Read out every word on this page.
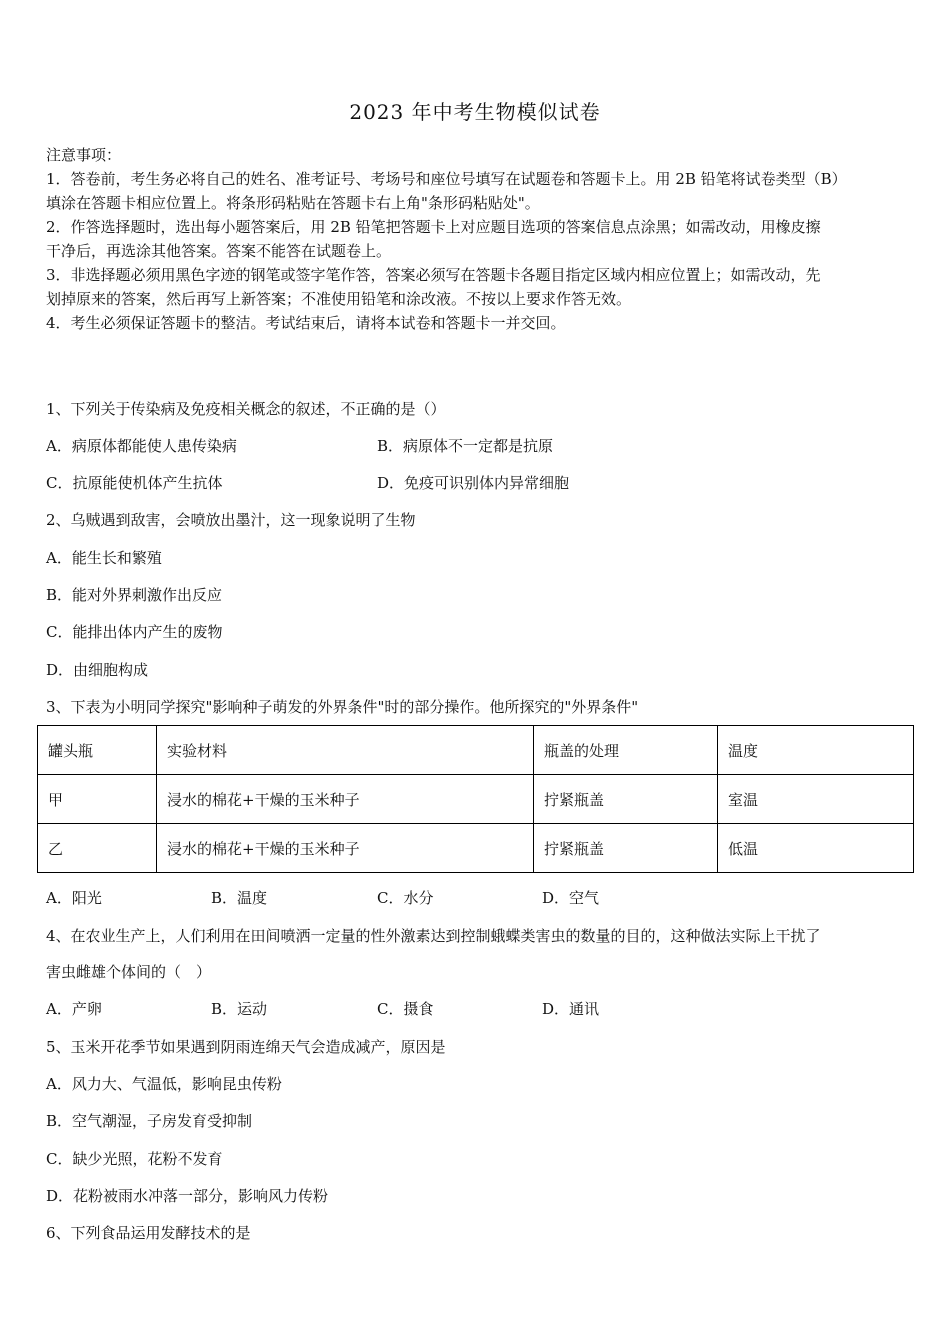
2023 年中考生物模似试卷
注意事项：
1．答卷前，考生务必将自己的姓名、准考证号、考场号和座位号填写在试题卷和答题卡上。用 2B 铅笔将试卷类型（B）
填涂在答题卡相应位置上。将条形码粘贴在答题卡右上角"条形码粘贴处"。
2．作答选择题时，选出每小题答案后，用 2B 铅笔把答题卡上对应题目选项的答案信息点涂黑；如需改动，用橡皮擦
干净后，再选涂其他答案。答案不能答在试题卷上。
3．非选择题必须用黑色字迹的钢笔或签字笔作答，答案必须写在答题卡各题目指定区域内相应位置上；如需改动，先
划掉原来的答案，然后再写上新答案；不准使用铅笔和涂改液。不按以上要求作答无效。
4．考生必须保证答题卡的整洁。考试结束后，请将本试卷和答题卡一并交回。
1、下列关于传染病及免疫相关概念的叙述，不正确的是（）
A．病原体都能使人患传染病	B．病原体不一定都是抗原
C．抗原能使机体产生抗体	D．免疫可识别体内异常细胞
2、乌贼遇到敌害，会喷放出墨汁，这一现象说明了生物
A．能生长和繁殖
B．能对外界刺激作出反应
C．能排出体内产生的废物
D．由细胞构成
3、下表为小明同学探究"影响种子萌发的外界条件"时的部分操作。他所探究的"外界条件"
罐头瓶	实验材料	瓶盖的处理	温度
甲	浸水的棉花+干燥的玉米种子	拧紧瓶盖	室温
乙	浸水的棉花+干燥的玉米种子	拧紧瓶盖	低温
A．阳光	B．温度	C．水分	D．空气
4、在农业生产上，人们利用在田间喷洒一定量的性外激素达到控制蛾蝶类害虫的数量的目的，这种做法实际上干扰了
害虫雌雄个体间的（　）
A．产卵	B．运动	C．摄食	D．通讯
5、玉米开花季节如果遇到阴雨连绵天气会造成减产，原因是
A．风力大、气温低，影响昆虫传粉
B．空气潮湿，子房发育受抑制
C．缺少光照，花粉不发育
D．花粉被雨水冲落一部分，影响风力传粉
6、下列食品运用发酵技术的是
